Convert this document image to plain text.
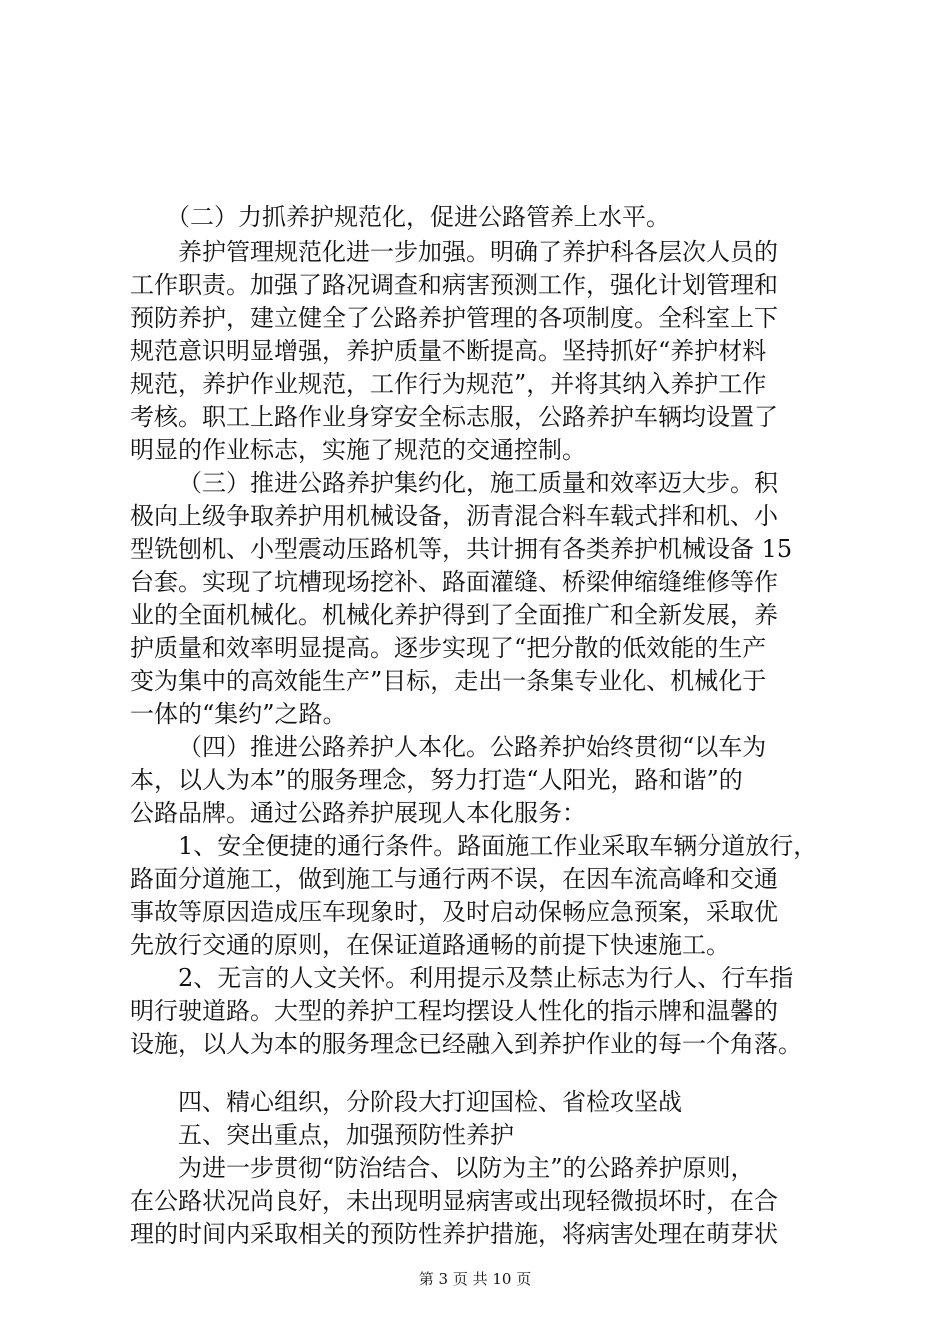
（二）力抓养护规范化，促进公路管养上水平。
养护管理规范化进一步加强。明确了养护科各层次人员的
工作职责。加强了路况调查和病害预测工作，强化计划管理和
预防养护，建立健全了公路养护管理的各项制度。全科室上下
规范意识明显增强，养护质量不断提高。坚持抓好“养护材料
规范，养护作业规范，工作行为规范”，并将其纳入养护工作
考核。职工上路作业身穿安全标志服，公路养护车辆均设置了
明显的作业标志，实施了规范的交通控制。
（三）推进公路养护集约化，施工质量和效率迈大步。积
极向上级争取养护用机械设备，沥青混合料车载式拌和机、小
型铣刨机、小型震动压路机等，共计拥有各类养护机械设备 15
台套。实现了坑槽现场挖补、路面灌缝、桥梁伸缩缝维修等作
业的全面机械化。机械化养护得到了全面推广和全新发展，养
护质量和效率明显提高。逐步实现了“把分散的低效能的生产
变为集中的高效能生产”目标，走出一条集专业化、机械化于
一体的“集约”之路。
（四）推进公路养护人本化。公路养护始终贯彻“以车为
本，以人为本”的服务理念，努力打造“人阳光，路和谐”的
公路品牌。通过公路养护展现人本化服务：
1、安全便捷的通行条件。路面施工作业采取车辆分道放行，
路面分道施工，做到施工与通行两不误，在因车流高峰和交通
事故等原因造成压车现象时，及时启动保畅应急预案，采取优
先放行交通的原则，在保证道路通畅的前提下快速施工。
2、无言的人文关怀。利用提示及禁止标志为行人、行车指
明行驶道路。大型的养护工程均摆设人性化的指示牌和温馨的
设施，以人为本的服务理念已经融入到养护作业的每一个角落。
四、精心组织，分阶段大打迎国检、省检攻坚战
五、突出重点，加强预防性养护
为进一步贯彻“防治结合、以防为主”的公路养护原则，
在公路状况尚良好，未出现明显病害或出现轻微损坏时，在合
理的时间内采取相关的预防性养护措施，将病害处理在萌芽状
第 3 页 共 10 页
